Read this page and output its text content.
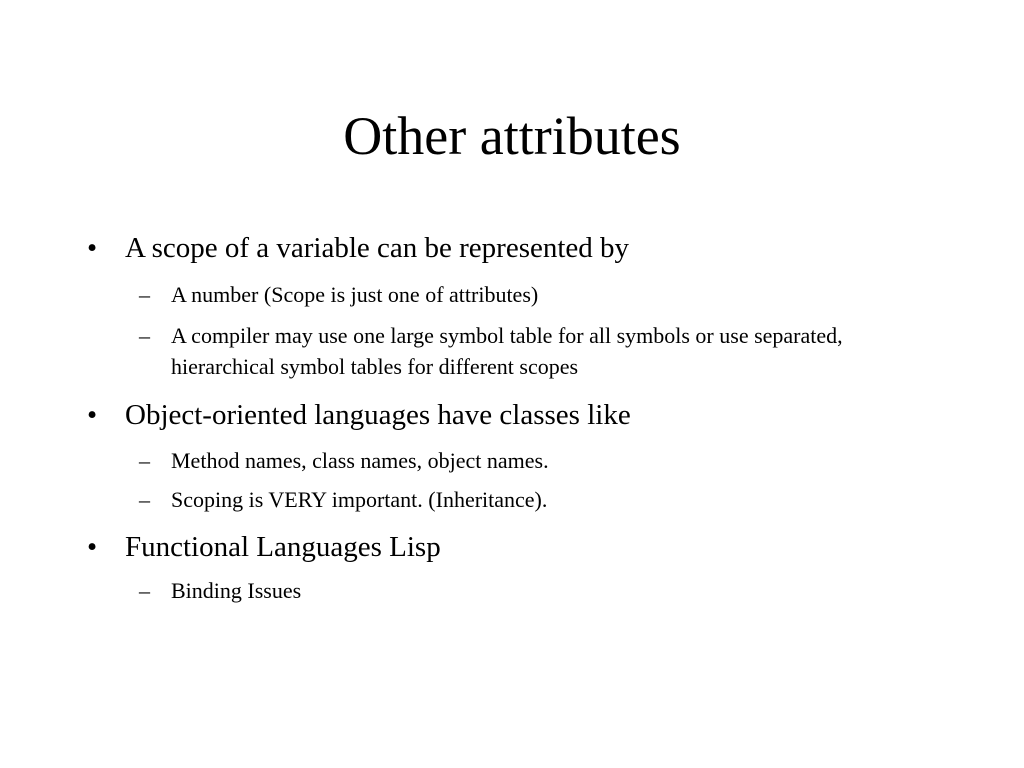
Other attributes
• A scope of a variable can be represented by
– A number (Scope is just one of attributes)
– A compiler may use one large symbol table for all symbols or use separated, hierarchical symbol tables for different scopes
• Object-oriented languages have classes like
– Method names, class names, object names.
– Scoping is VERY important. (Inheritance).
• Functional Languages Lisp
– Binding Issues
